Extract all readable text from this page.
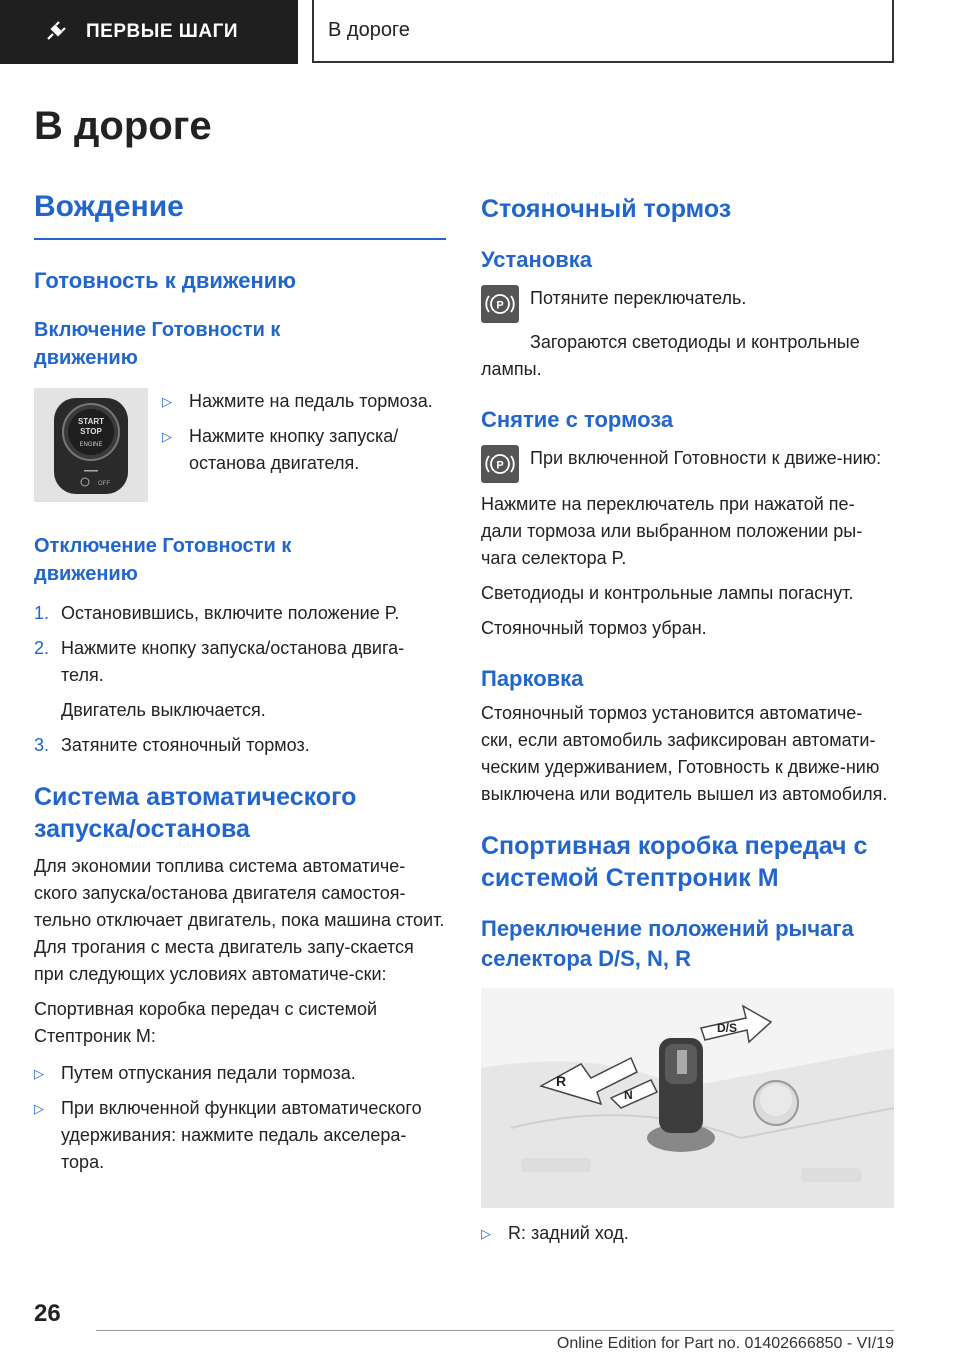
ПЕРВЫЕ ШАГИ	В дороге
В дороге
Вождение
Готовность к движению
Включение Готовности к движению
START
STOP
ENGINE
OFF
▷ Нажмите на педаль тормоза.
▷ Нажмите кнопку запуска/остановa двигателя.
Отключение Готовности к движению
1. Остановившись, включите положение P.
2. Нажмите кнопку запуска/остановa двига-теля.

Двигатель выключается.

3. Затяните стояночный тормоз.
Система автоматического запуска/останова

Для экономии топлива система автоматиче-ского запуска/останова двигателя самостоя-тельно отключает двигатель, пока машина стоит. Для трогания с места двигатель запу-скается при следующих условиях автоматиче-ски:

Спортивная коробка передач с системой Стептроник М:

▷ Путем отпускания педали тормоза.
▷ При включенной функции автоматического удерживания: нажмите педаль акселера-тора.
Стояночный тормоз
Установка
P Потяните переключатель.

Загораются светодиоды и контрольные лампы.

Снятие с тормоза
P При включенной Готовности к движе-нию:

Нажмите на переключатель при нажатой пе-дали тормоза или выбранном положении ры-чага селектора P.

Светодиоды и контрольные лампы погаснут.

Стояночный тормоз убран.

Парковка

Стояночный тормоз установится автоматиче-ски, если автомобиль зафиксирован автомати-ческим удерживанием, Готовность к движе-нию выключена или водитель вышел из автомобиля.

Спортивная коробка передач с системой Стептроник М
Переключение положений рычага селектора D/S, N, R
R
N
D/S
▷ R: задний ход.
26
Online Edition for Part no. 01402666850 - VI/19
